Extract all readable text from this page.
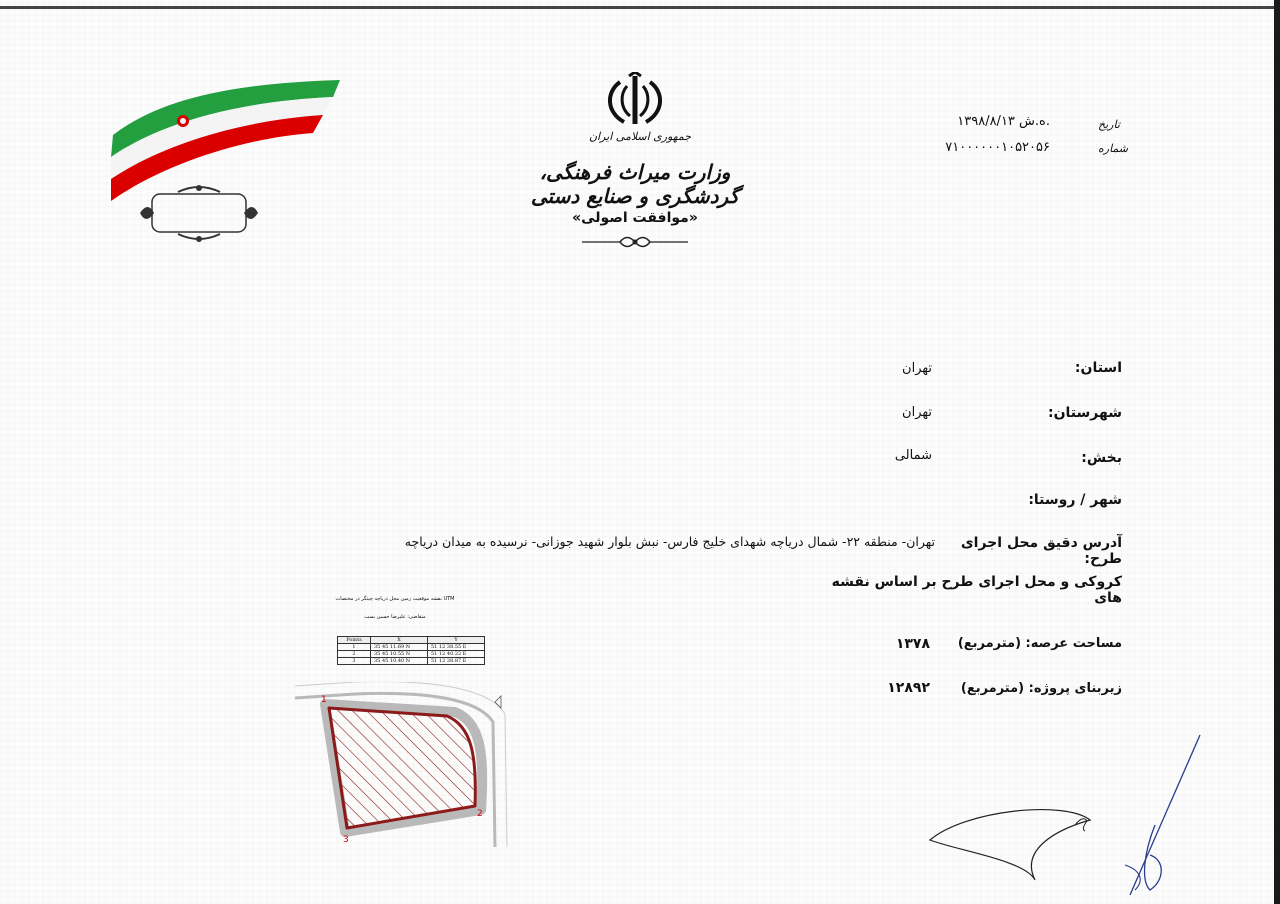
جمهوری اسلامی ایران
وزارت میراث فرهنگی، گردشگری و صنایع دستی
«موافقت اصولی»
تاریخ
۱۳۹۸/۸/۱۳ ه.ش.
شماره
۷۱۰۰۰۰۰۰۱۰۵۲۰۵۶
استان:
تهران
شهرستان:
تهران
بخش:
شمالی
شهر / روستا:
آدرس دقیق محل اجرای طرح:
تهران- منطقه ۲۲- شمال دریاچه شهدای خلیج فارس- نبش بلوار شهید جوزانی- نرسیده به میدان دریاچه
کروکی و محل اجرای طرح بر اساس نقشه های
مساحت عرصه: (مترمربع)
۱۳۷۸
زیربنای پروژه: (مترمربع)
۱۲۸۹۲
نقشه موقعیت زمین محل دریاچه چیتگر در مختصات UTM
متقاضی: علیرضا حسین نسب
Points	X	Y
1	35 45 11.69 N	51 12 38.55 E
2	35 45 10.55 N	51 12 40.22 E
3	35 45 10.40 N	51 12 38.87 E
1
2
3
